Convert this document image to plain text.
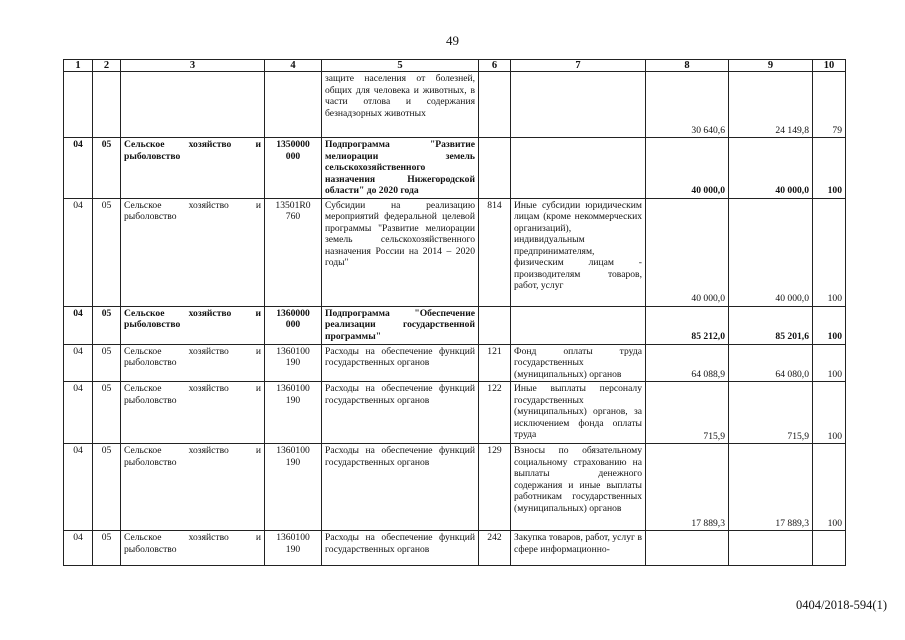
49
1	2	3	4	5	6	7	8	9	10
				защите населения от болезней, общих для человека и животных, в части отлова и содержания безнадзорных животных			30 640,6	24 149,8	79
04	05	Сельское хозяйство и рыболовство	1350000 000	Подпрограмма "Развитие мелиорации земель сельскохозяйственного назначения Нижегородской области" до 2020 года			40 000,0	40 000,0	100
04	05	Сельское хозяйство и рыболовство	13501R0 760	Субсидии на реализацию мероприятий федеральной целевой программы "Развитие мелиорации земель сельскохозяйственного назначения России на 2014 – 2020 годы"	814	Иные субсидии юридическим лицам (кроме некоммерческих организаций), индивидуальным предпринимателям, физическим лицам - производителям товаров, работ, услуг	40 000,0	40 000,0	100
04	05	Сельское хозяйство и рыболовство	1360000 000	Подпрограмма "Обеспечение реализации государственной программы"			85 212,0	85 201,6	100
04	05	Сельское хозяйство и рыболовство	1360100 190	Расходы на обеспечение функций государственных органов	121	Фонд оплаты труда государственных (муниципальных) органов	64 088,9	64 080,0	100
04	05	Сельское хозяйство и рыболовство	1360100 190	Расходы на обеспечение функций государственных органов	122	Иные выплаты персоналу государственных (муниципальных) органов, за исключением фонда оплаты труда	715,9	715,9	100
04	05	Сельское хозяйство и рыболовство	1360100 190	Расходы на обеспечение функций государственных органов	129	Взносы по обязательному социальному страхованию на выплаты денежного содержания и иные выплаты работникам государственных (муниципальных) органов	17 889,3	17 889,3	100
04	05	Сельское хозяйство и рыболовство	1360100 190	Расходы на обеспечение функций государственных органов	242	Закупка товаров, работ, услуг в сфере информационно-			
0404/2018-594(1)
